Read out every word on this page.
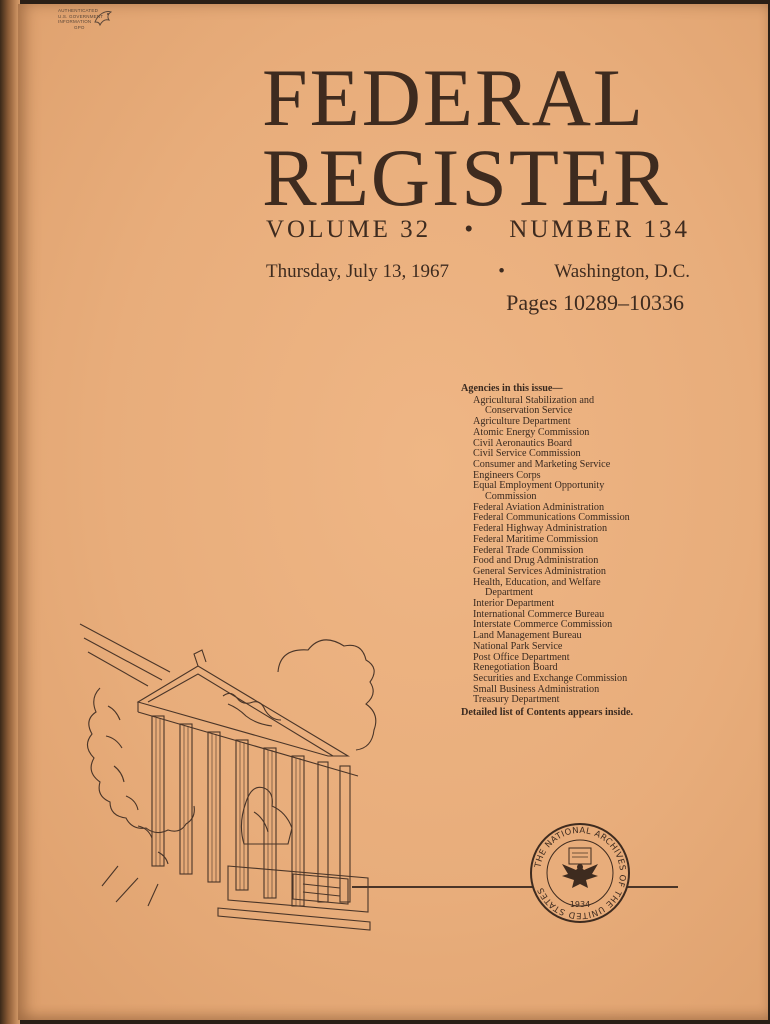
AUTHENTICATED
U.S. GOVERNMENT
INFORMATION
GPO
FEDERAL
REGISTER
VOLUME 32 • NUMBER 134
Thursday, July 13, 1967	•	Washington, D.C.
Pages 10289–10336
Agencies in this issue—
Agricultural Stabilization and
Conservation Service
Agriculture Department
Atomic Energy Commission
Civil Aeronautics Board
Civil Service Commission
Consumer and Marketing Service
Engineers Corps
Equal Employment Opportunity
Commission
Federal Aviation Administration
Federal Communications Commission
Federal Highway Administration
Federal Maritime Commission
Federal Trade Commission
Food and Drug Administration
General Services Administration
Health, Education, and Welfare
Department
Interior Department
International Commerce Bureau
Interstate Commerce Commission
Land Management Bureau
National Park Service
Post Office Department
Renegotiation Board
Securities and Exchange Commission
Small Business Administration
Treasury Department
Detailed list of Contents appears inside.
THE NATIONAL ARCHIVES OF THE UNITED STATES
1934
